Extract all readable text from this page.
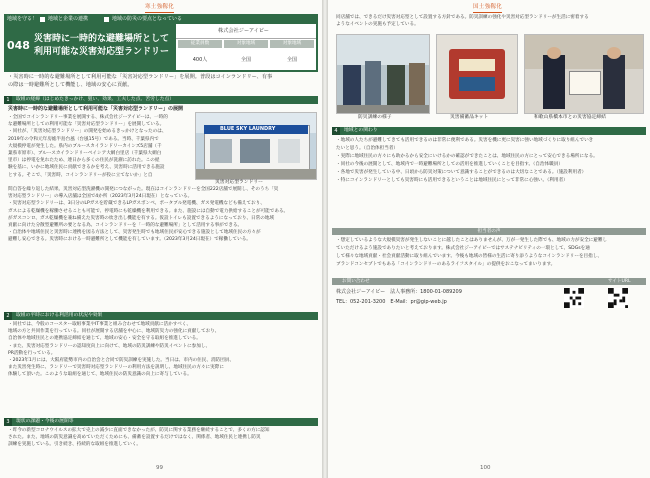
寒土強靱化
地域を守る！ 地域と企業の連携	地域の防災の要点となっている
048 災害時に一時的な避難場所として
利用可能な災害対応型ランドリー
株式会社ジーアイピー
従業員数	対象地域	対象地域
400人	全国	全国
・災害時に一時的な避難場所として利用可能な「災害対応型ランドリー」を展開。普段はコインランドリー、有事
の際は一時避難所として機能し、地域の安心に貢献。
1	取組の経緯（はじめたきっかけ、狙い、効果、工夫した点、苦労した点）
災害時に一時的な避難場所として利用可能な「災害対応型ランドリー」の展開
・全国でコインランドリー事業を展開する、株式会社ジーアイピーは、一時的
な避難場所としての利用可能な「災害対応型ランドリー」を展開している。
・同社が、「災害対応型ランドリー」の開発を始めるきっかけとなったのは、
2019年の令和元年房総半島台風（台風15号）である。当時、千葉県内で
大規模停電が発生した。県内のブルースカイランドリーカインズ5店舗（千
葉県市原市）、ブルースカイランドリーベイシア大網白里店（千葉県大網白
里市）は停電を免れたため、連日から多くの住民が洗濯に訪れた。この経
験を基に、いかに地域住民に貢献できるかを考え、災害時に活用できる施設
とする。そこで、「災害時、コインランドリーが役に立てないか」と自
BLUE SKY LAUNDRY
災害対応型ランドリー
問自答を繰り返した結果、災害対応型洗濯機の開発につながった。現在はコインランドリーを全国222店舗で展開し、そのうち「災
害対応型ランドリー」の導入店舗は全国で4か所（2023年3月24日現在）となっている。
・災害対応型ランドリーは、3日分のLPガスを貯蔵できるLPガスボンベ、ポータブル発電機、ガス発電機なども備えており、
ガスによる乾燥機を稼働させることも可能で、停電時にも乾燥機を利用できる。また、施設には自動で電力供給することが可能である。
がガスコンロ、ガス乾燥機を兼ね備えた災害時の炊き出し機能を有する。仮設トイレも設置できるようになっており、日常の地域
貢献に向けた分散型避難所の要となる為、コインランドリーを「一時的な避難場所」として活用する事ができる。
・自治体や地域住民と災害時に連携を図る方法として、災害発生時でも地域住民が安心できる施設として地域住民の方々が
避難し安心できる。災害時における一時避難所として機能を有しています。（2023年3月24日現在）で稼働している。
2	取組の平時における利活用の状況や効果
・同社では、今般のコースター取組事業やIT事業と組み合わせて地域貢献に活かすべく、
地域の方と共同作業を行っている。同社が展開する店舗を中心に、地域防災力の強化に貢献しており、
自治体や地域住民との連携協定締結を通じて、地域の安心・安全を守る取組を推進している。
・また、災害対応型ランドリーの認知度向上に向けて、地域の防災訓練や防災イベントに参加し、
PR活動を行っている。
・2023年1月には、大阪府能勢市内の自治会と合同で防災訓練を実施した。当日は、市内の住民、消防団員、
また災害発生時に、ランドリーで災害時対応型ランドリーの利用方法を説明し、地域住民の方々に実際に
体験して頂いた。このような取組を通じて、地域住民の防災意識の向上に寄与している。
3	現状の課題・今後の展開等
・昨今の新型コロナウイルスの拡大で売上の減少に直面できなかったが、防災に関する業務を継続することで、多くの方に認知
された。また、地域の防災意識を高めていただくためにも、備蓄を設置するだけではなく、関係者、地域住民と連携し防災
訓練を実施している。引き続き、持続的な取組を推進していく。
99
国土強靱化
同店舗では、できるだけ災害対応型として設置する方針である。防災訓練の強化や災害対応型ランドリーが生活に密着する
ようなイベントの実施も予定している。
防災訓練の様子	災害備蓄品キット	和歌山県橋本市との災害協定締結
4	地域との関わり
・地域の人たちが避難してきても活用できるのは非常に便利である。災害を機に更に災害に強い地域づくりに取り組んでいき
たいと思う。（自治体担当者）
・実際に地域住民の方々にも助かるから安全にいけるかの確認ができたことは、地域住民の方にとって安心できる場所になる。
・同社の今後の展開として、地域内で一時避難場所としての活用を推進していくことを目指す。（自治体職員）
・各地で災害が発生している中、日頃から防災対策について意識することができるのは大切なことである。（施設利用者）
・特にコインランドリーとしても災害時にも活用できるということは地域住民にとって非常に心強い。（利用者）
担当者の声
・想定しているような大規模災害が発生しないことに越したことはありませんが、万が一発生した際でも、地域の力が安全に避難し
ていただけるよう施設でありたいと考えております。株式会社ジーアイピーではサステナビリティの一環として、SDGsを通
して様々な地域貢献・社会貢献活動に取り組んでいます。今後も地域の皆様の生活に寄り添うようなコインランドリーを目指し、
ブランドコンセプトでもある「コインランドリーのあるライフスタイル」の提供をおこなってまいります。
お問い合わせ	サイトURL
株式会社ジーアイピー　法人事務所：1800-01-089209
TEL：052-201-3200　E-Mail：pr@gip-web.jp
100
